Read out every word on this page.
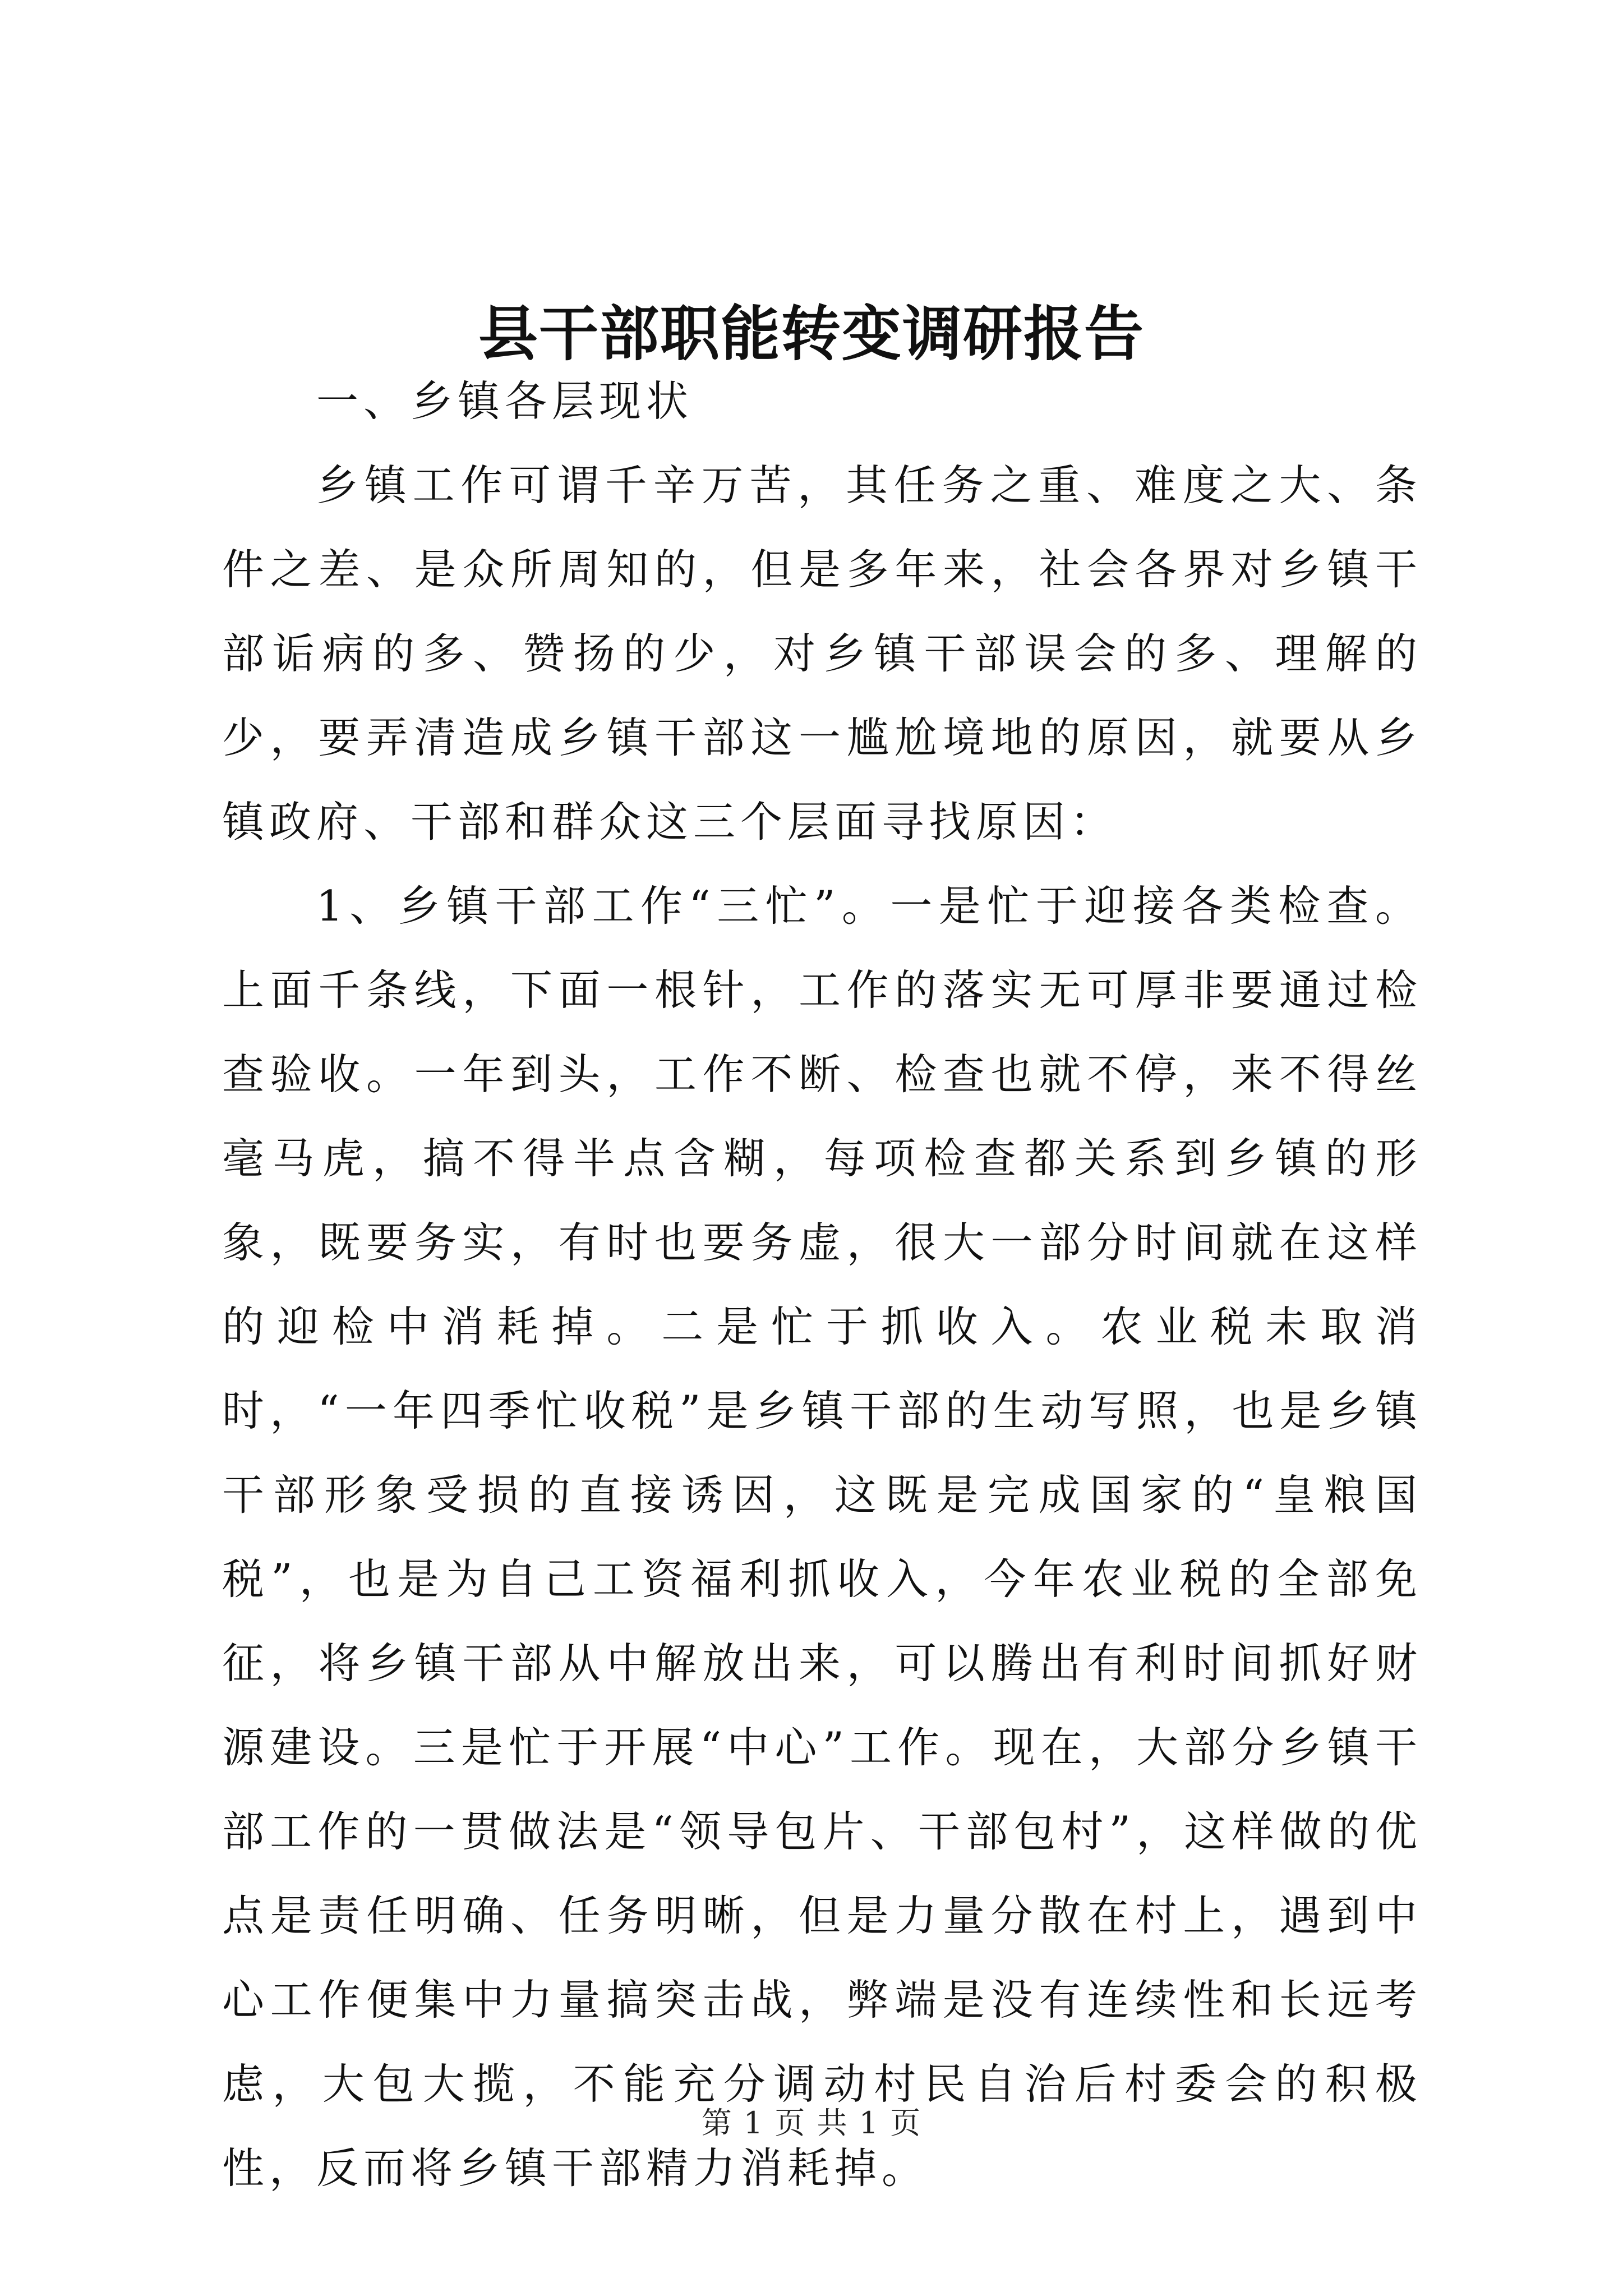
县干部职能转变调研报告

一、乡镇各层现状

乡镇工作可谓千辛万苦，其任务之重、难度之大、条件之差、是众所周知的，但是多年来，社会各界对乡镇干部诟病的多、赞扬的少，对乡镇干部误会的多、理解的少，要弄清造成乡镇干部这一尴尬境地的原因，就要从乡镇政府、干部和群众这三个层面寻找原因：

1、乡镇干部工作“三忙”。一是忙于迎接各类检查。上面千条线，下面一根针，工作的落实无可厚非要通过检查验收。一年到头，工作不断、检查也就不停，来不得丝毫马虎，搞不得半点含糊，每项检查都关系到乡镇的形象，既要务实，有时也要务虚，很大一部分时间就在这样的迎检中消耗掉。二是忙于抓收入。农业税未取消时，“一年四季忙收税”是乡镇干部的生动写照，也是乡镇干部形象受损的直接诱因，这既是完成国家的“皇粮国税”，也是为自己工资福利抓收入，今年农业税的全部免征，将乡镇干部从中解放出来，可以腾出有利时间抓好财源建设。三是忙于开展“中心”工作。现在，大部分乡镇干部工作的一贯做法是“领导包片、干部包村”，这样做的优点是责任明确、任务明晰，但是力量分散在村上，遇到中心工作便集中力量搞突击战，弊端是没有连续性和长远考虑，大包大揽，不能充分调动村民自治后村委会的积极性，反而将乡镇干部精力消耗掉。

第 1 页 共 1 页
